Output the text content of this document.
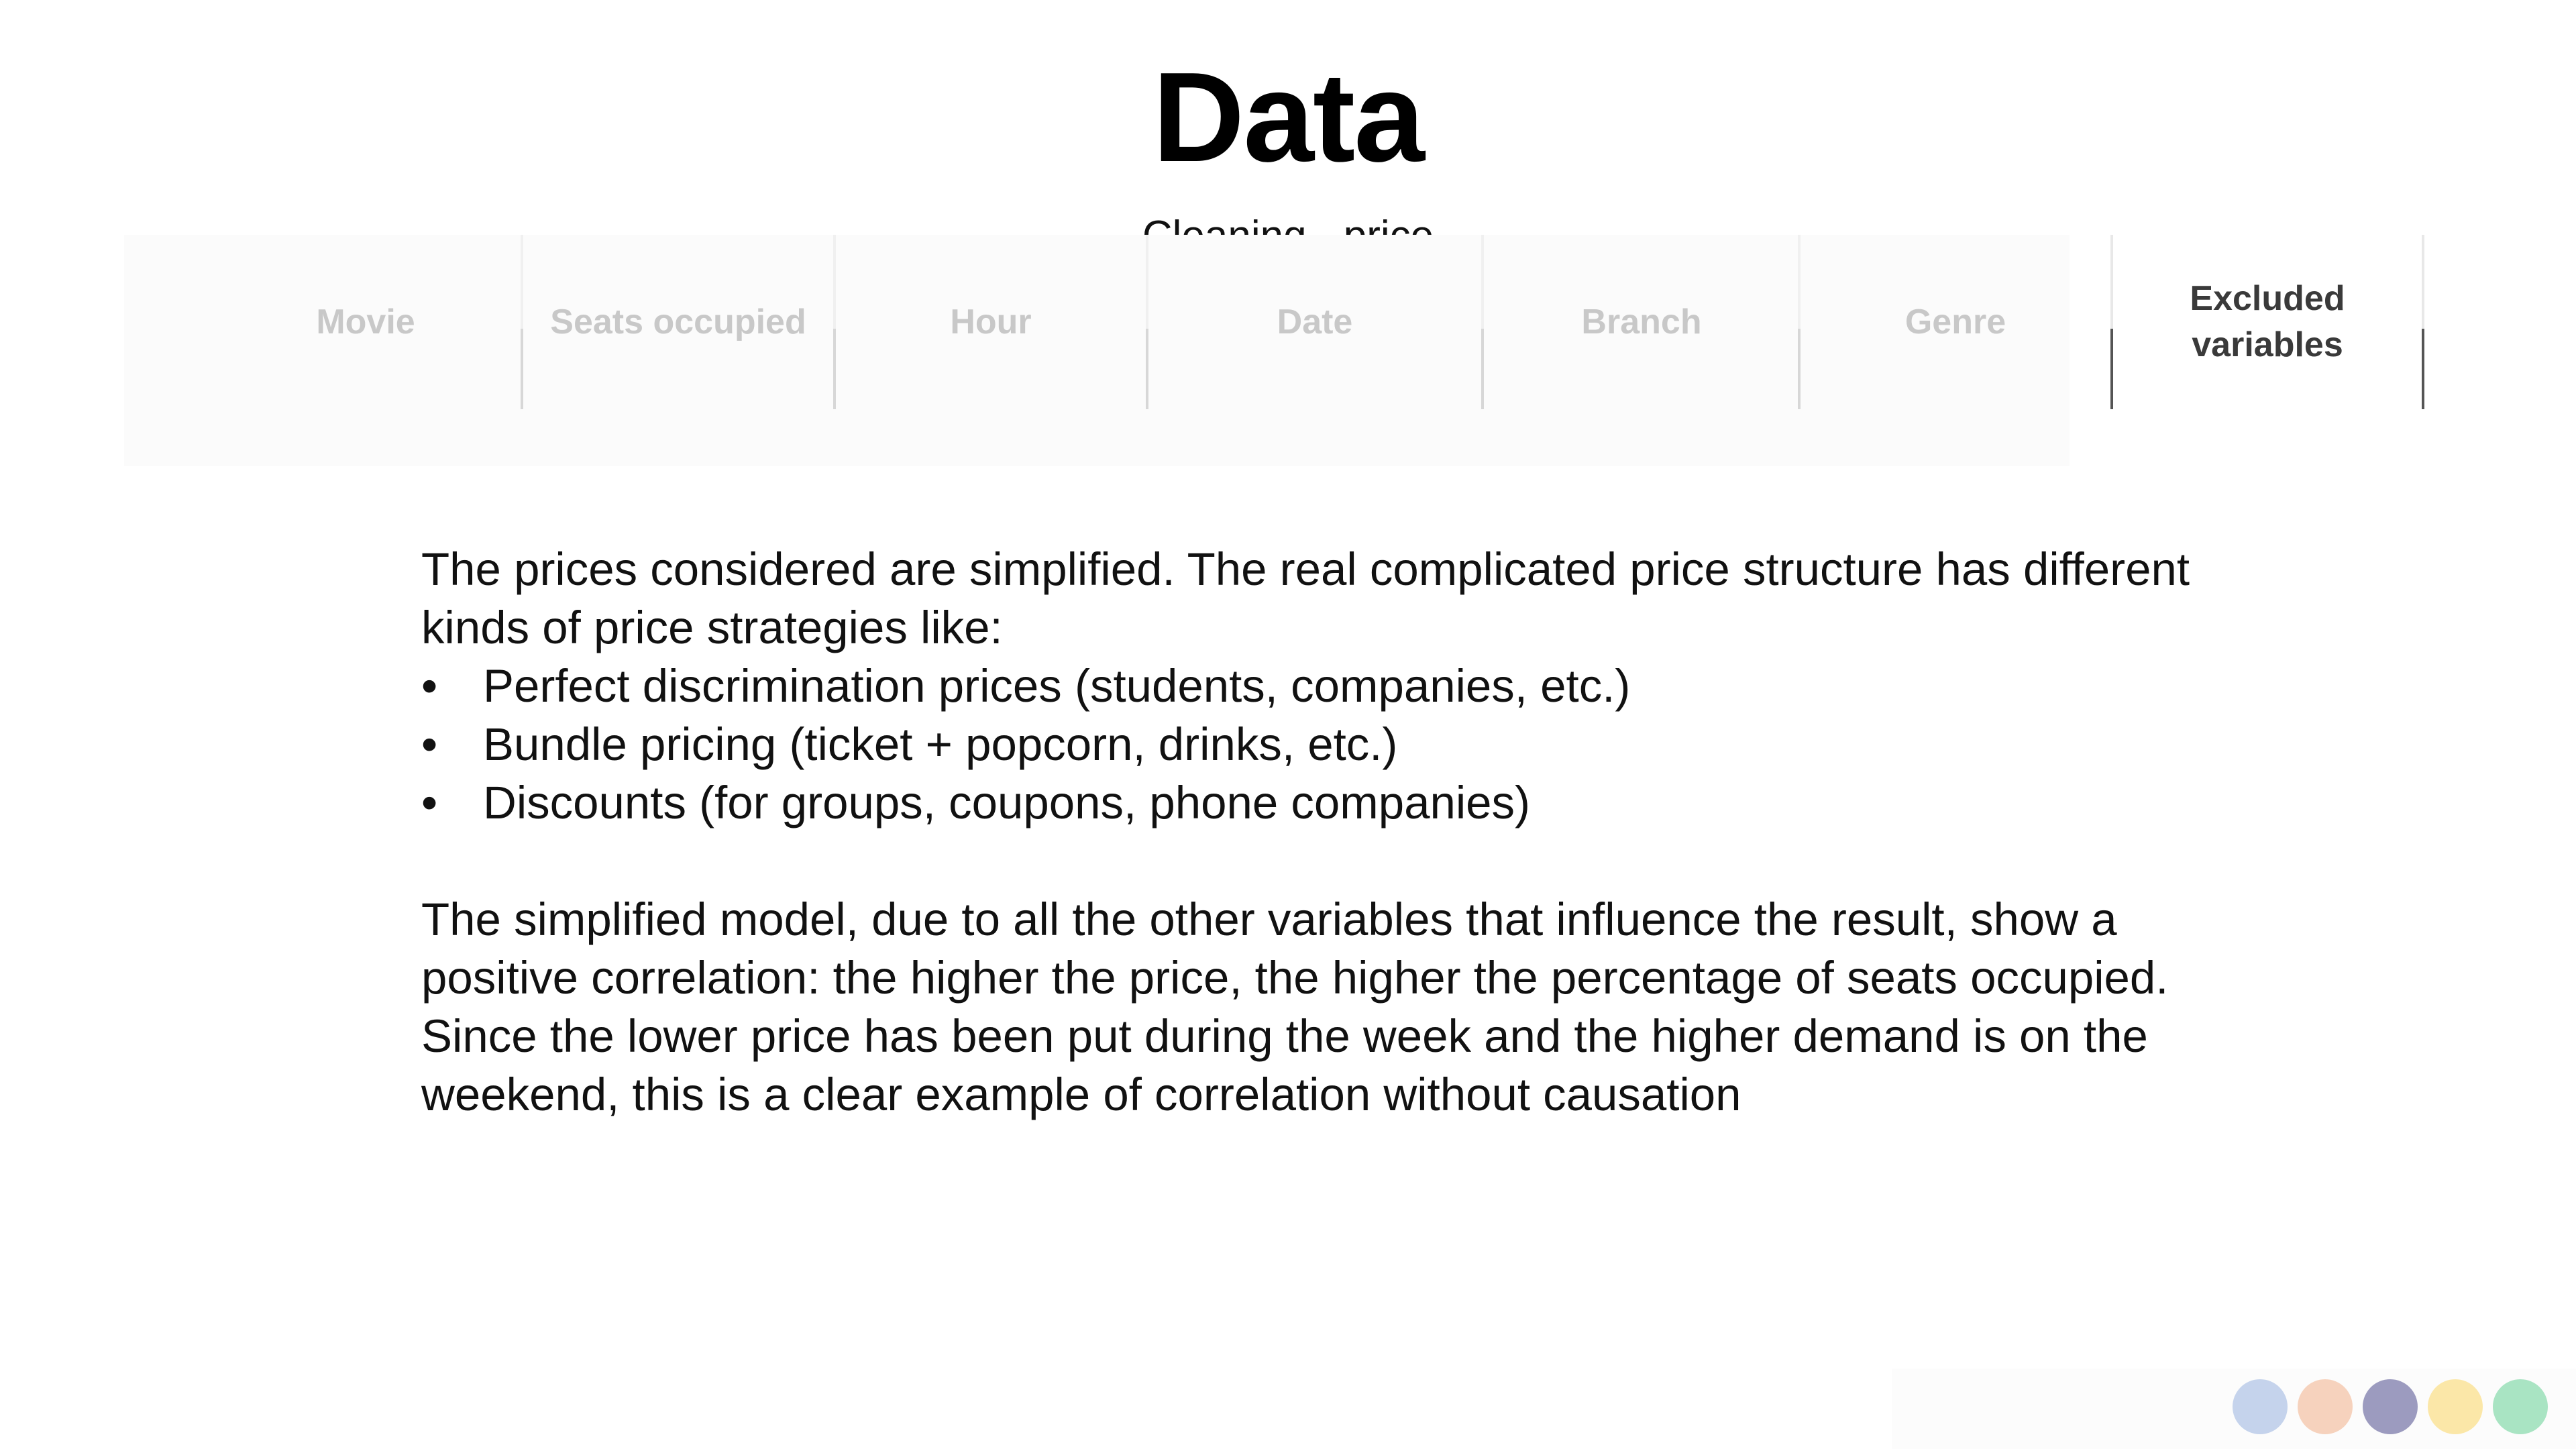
Data
Movie	Seats occupied	Hour	Date	Branch	Genre
Excluded variables

The prices considered are simplified. The real complicated price structure has different kinds of price strategies like:

• Perfect discrimination prices (students, companies, etc.)
• Bundle pricing (ticket + popcorn, drinks, etc.)
• Discounts (for groups, coupons, phone companies)

The simplified model, due to all the other variables that influence the result, show a positive correlation: the higher the price, the higher the percentage of seats occupied. Since the lower price has been put during the week and the higher demand is on the weekend, this is a clear example of correlation without causation
